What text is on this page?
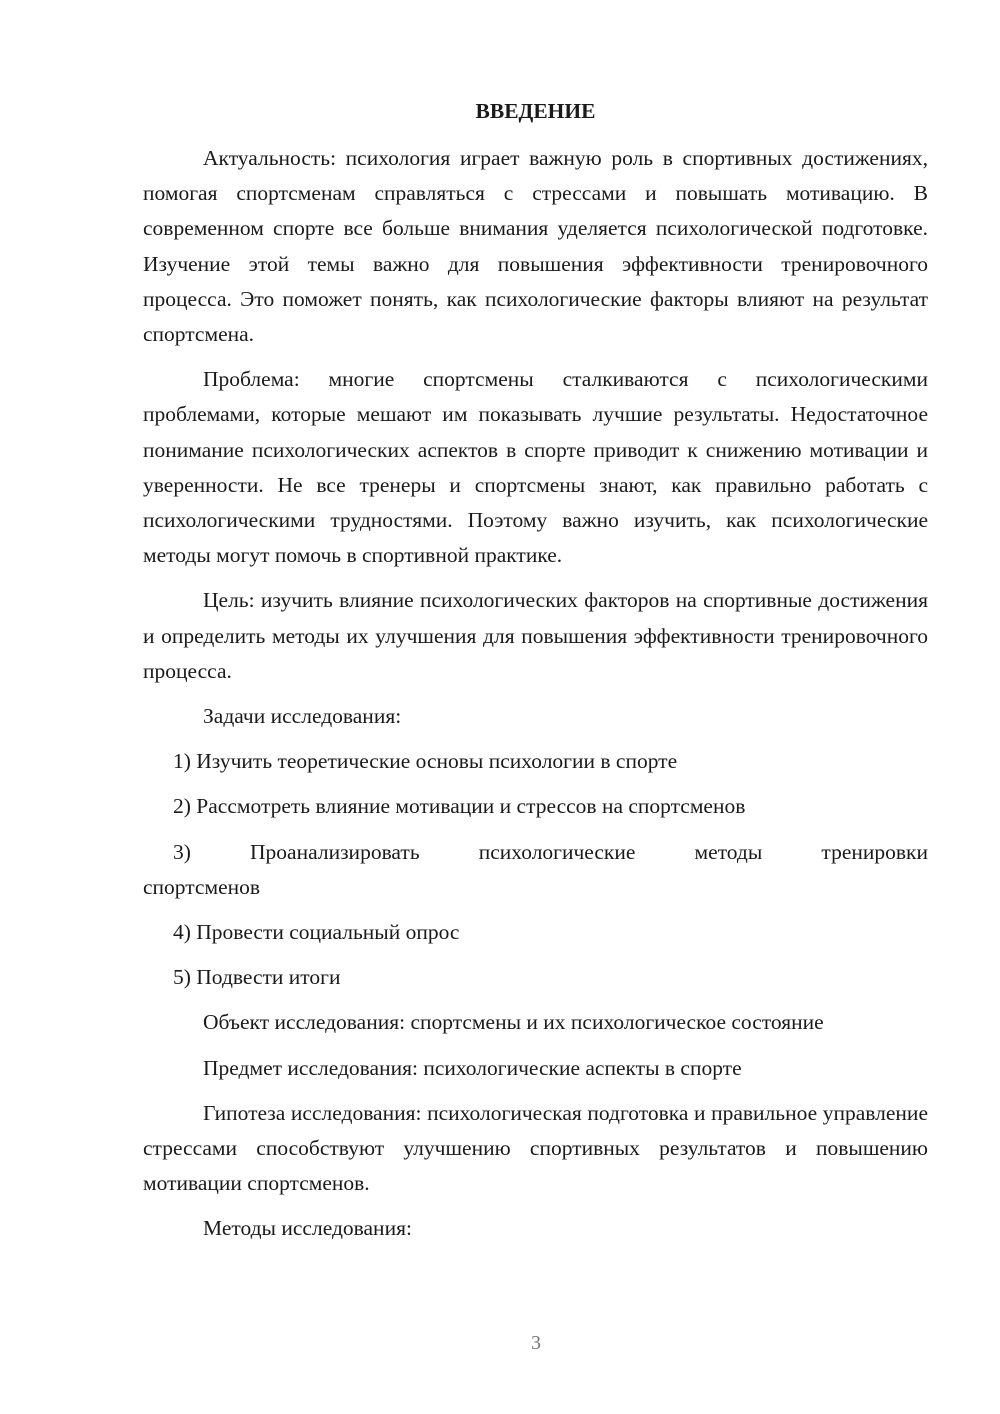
ВВЕДЕНИЕ

Актуальность: психология играет важную роль в спортивных достижениях, помогая спортсменам справляться с стрессами и повышать мотивацию. В современном спорте все больше внимания уделяется психологической подготовке. Изучение этой темы важно для повышения эффективности тренировочного процесса. Это поможет понять, как психологические факторы влияют на результат спортсмена.

Проблема: многие спортсмены сталкиваются с психологическими проблемами, которые мешают им показывать лучшие результаты. Недостаточное понимание психологических аспектов в спорте приводит к снижению мотивации и уверенности. Не все тренеры и спортсмены знают, как правильно работать с психологическими трудностями. Поэтому важно изучить, как психологические методы могут помочь в спортивной практике.

Цель: изучить влияние психологических факторов на спортивные достижения и определить методы их улучшения для повышения эффективности тренировочного процесса.

Задачи исследования:

1) Изучить теоретические основы психологии в спорте

2) Рассмотреть влияние мотивации и стрессов на спортсменов

3) Проанализировать психологические методы тренировки спортсменов

4) Провести социальный опрос

5) Подвести итоги

Объект исследования: спортсмены и их психологическое состояние

Предмет исследования: психологические аспекты в спорте

Гипотеза исследования: психологическая подготовка и правильное управление стрессами способствуют улучшению спортивных результатов и повышению мотивации спортсменов.

Методы исследования:

3
